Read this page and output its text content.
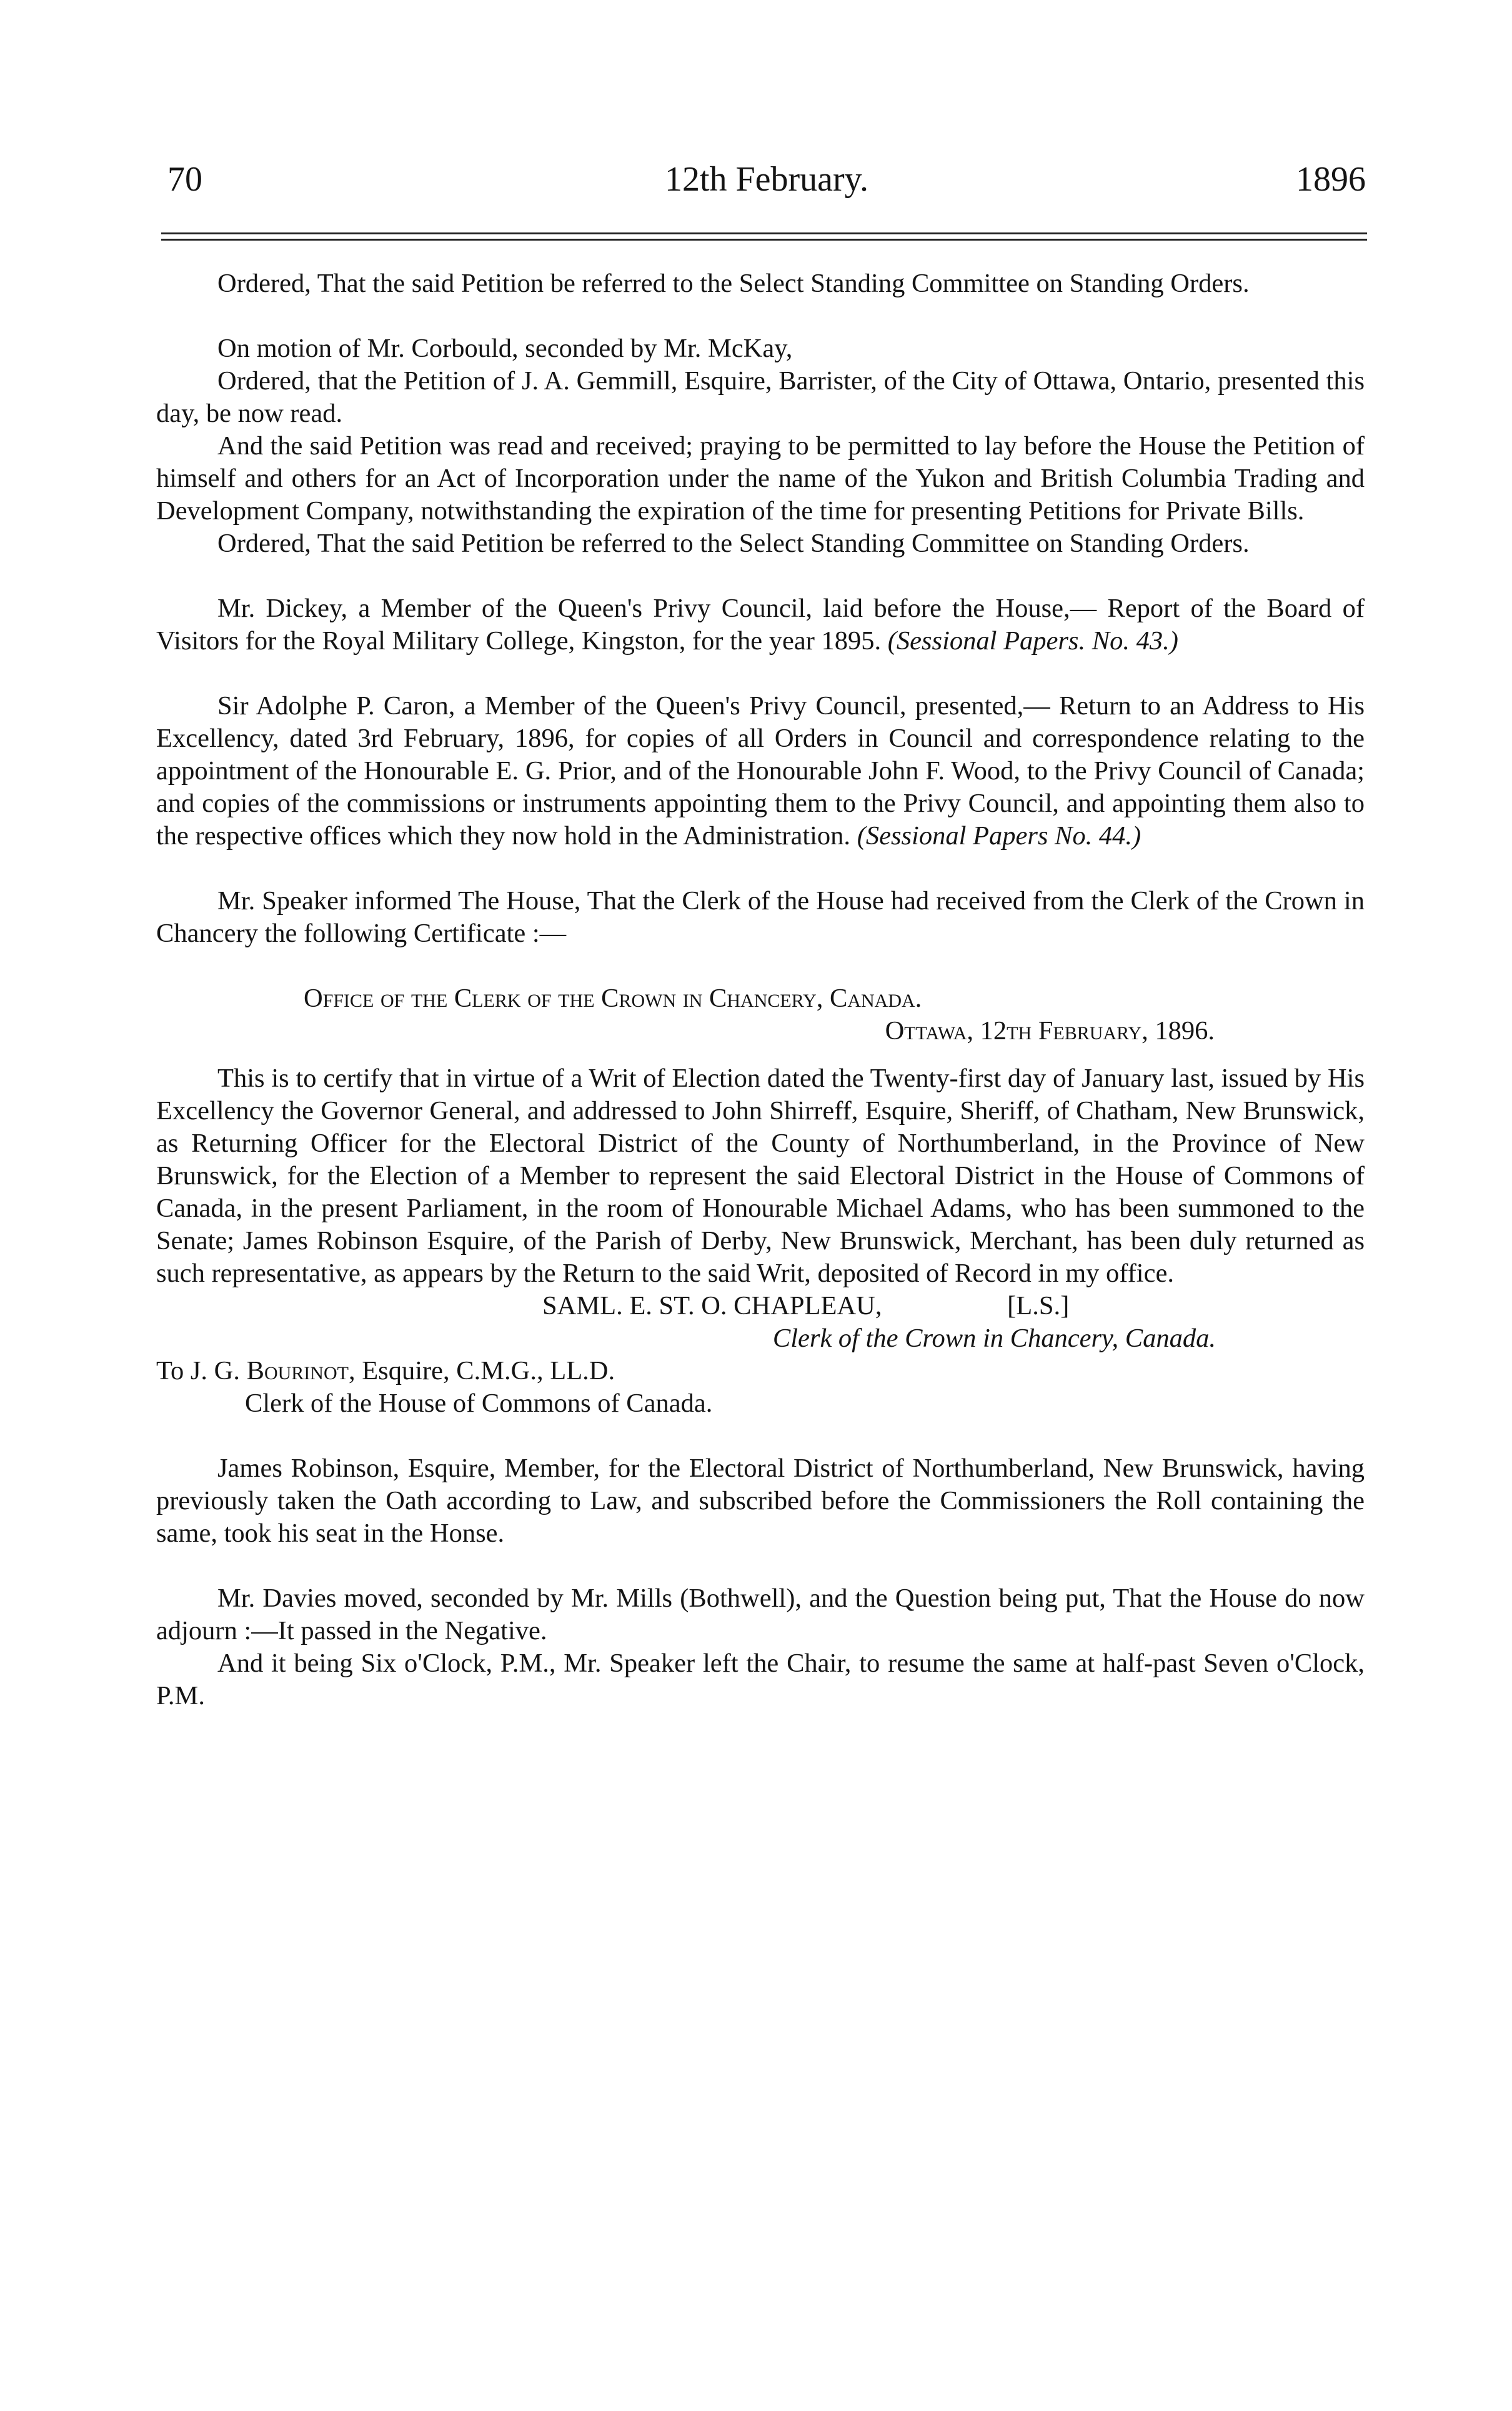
70	12th February.	1896

Ordered, That the said Petition be referred to the Select Standing Committee on Standing Orders.

On motion of Mr. Corbould, seconded by Mr. McKay,

Ordered, that the Petition of J. A. Gemmill, Esquire, Barrister, of the City of Ottawa, Ontario, presented this day, be now read.

And the said Petition was read and received; praying to be permitted to lay before the House the Petition of himself and others for an Act of Incorporation under the name of the Yukon and British Columbia Trading and Development Company, notwithstanding the expiration of the time for presenting Petitions for Private Bills.

Ordered, That the said Petition be referred to the Select Standing Committee on Standing Orders.

Mr. Dickey, a Member of the Queen's Privy Council, laid before the House,— Report of the Board of Visitors for the Royal Military College, Kingston, for the year 1895. (Sessional Papers. No. 43.)

Sir Adolphe P. Caron, a Member of the Queen's Privy Council, presented,— Return to an Address to His Excellency, dated 3rd February, 1896, for copies of all Orders in Council and correspondence relating to the appointment of the Honourable E. G. Prior, and of the Honourable John F. Wood, to the Privy Council of Canada; and copies of the commissions or instruments appointing them to the Privy Council, and appointing them also to the respective offices which they now hold in the Administration. (Sessional Papers No. 44.)

Mr. Speaker informed The House, That the Clerk of the House had received from the Clerk of the Crown in Chancery the following Certificate :—

Office of the Clerk of the Crown in Chancery, Canada.

Ottawa, 12th February, 1896.

This is to certify that in virtue of a Writ of Election dated the Twenty-first day of January last, issued by His Excellency the Governor General, and addressed to John Shirreff, Esquire, Sheriff, of Chatham, New Brunswick, as Returning Officer for the Electoral District of the County of Northumberland, in the Province of New Brunswick, for the Election of a Member to represent the said Electoral District in the House of Commons of Canada, in the present Parliament, in the room of Honourable Michael Adams, who has been summoned to the Senate; James Robinson Esquire, of the Parish of Derby, New Brunswick, Merchant, has been duly returned as such representative, as appears by the Return to the said Writ, deposited of Record in my office.

SAML. E. ST. O. CHAPLEAU,	[L.S.]

Clerk of the Crown in Chancery, Canada.

To J. G. Bourinot, Esquire, C.M.G., LL.D.

Clerk of the House of Commons of Canada.

James Robinson, Esquire, Member, for the Electoral District of Northumberland, New Brunswick, having previously taken the Oath according to Law, and subscribed before the Commissioners the Roll containing the same, took his seat in the Honse.

Mr. Davies moved, seconded by Mr. Mills (Bothwell), and the Question being put, That the House do now adjourn :—It passed in the Negative.

And it being Six o'Clock, P.M., Mr. Speaker left the Chair, to resume the same at half-past Seven o'Clock, P.M.
